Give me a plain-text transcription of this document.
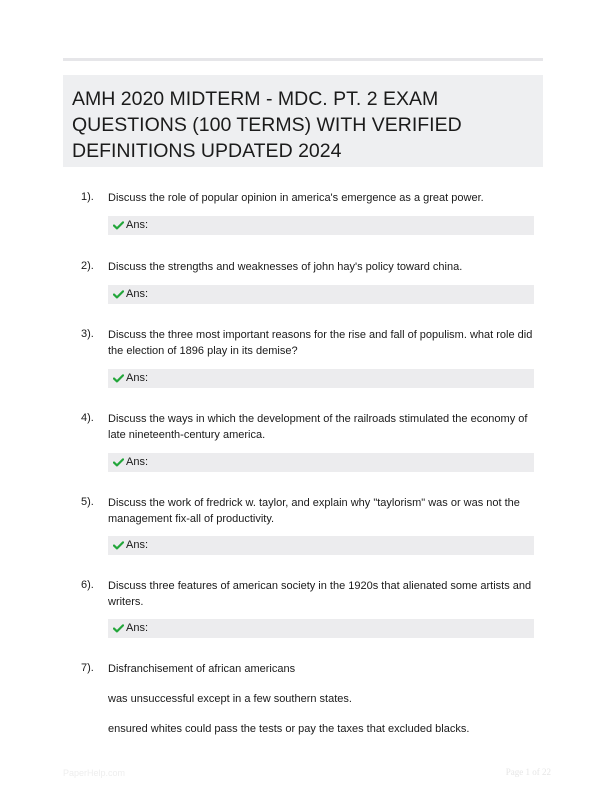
AMH 2020 MIDTERM - MDC. PT. 2 EXAM QUESTIONS (100 TERMS) WITH VERIFIED DEFINITIONS UPDATED 2024
1). Discuss the role of popular opinion in america's emergence as a great power.
Ans:
2). Discuss the strengths and weaknesses of john hay's policy toward china.
Ans:
3). Discuss the three most important reasons for the rise and fall of populism. what role did the election of 1896 play in its demise?
Ans:
4). Discuss the ways in which the development of the railroads stimulated the economy of late nineteenth-century america.
Ans:
5). Discuss the work of fredrick w. taylor, and explain why "taylorism" was or was not the management fix-all of productivity.
Ans:
6). Discuss three features of american society in the 1920s that alienated some artists and writers.
Ans:
7). Disfranchisement of african americans
was unsuccessful except in a few southern states.
ensured whites could pass the tests or pay the taxes that excluded blacks.
PaperHelp.com	Page 1 of 22
